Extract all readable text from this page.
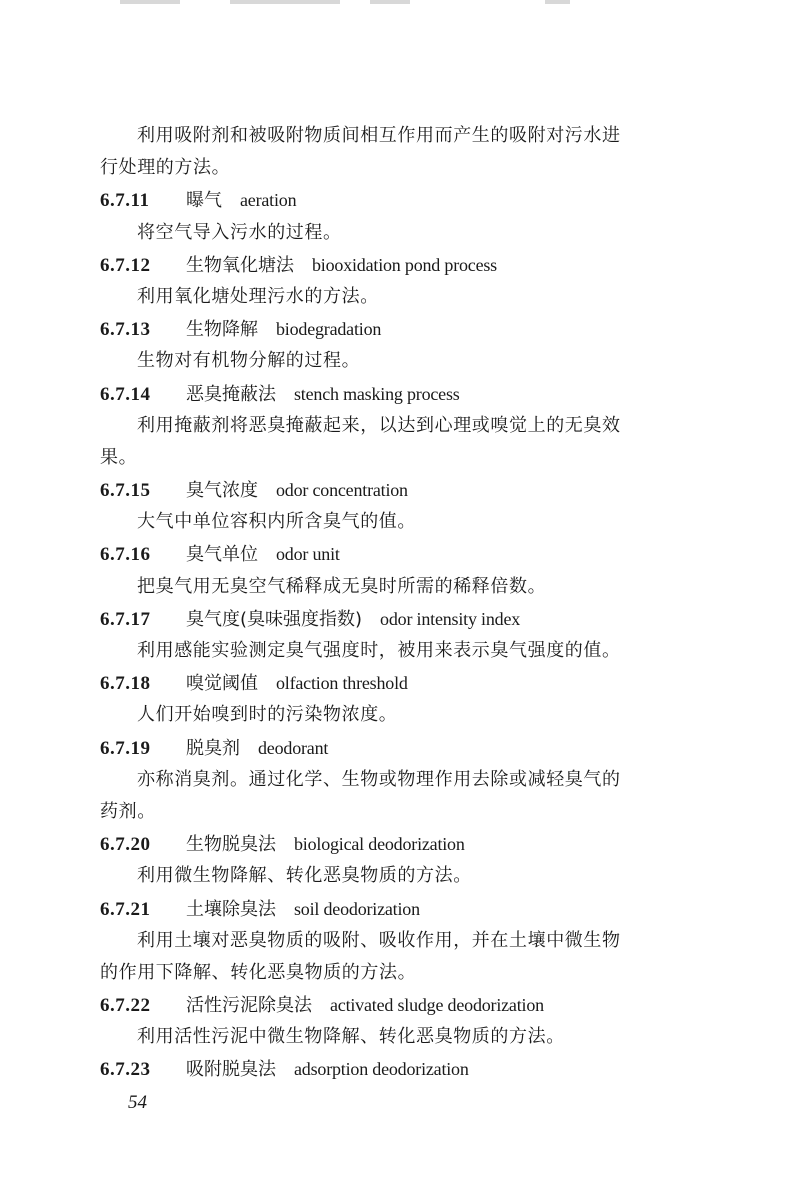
利用吸附剂和被吸附物质间相互作用而产生的吸附对污水进
行处理的方法。
6.7.11 曝气 aeration
将空气导入污水的过程。
6.7.12 生物氧化塘法 biooxidation pond process
利用氧化塘处理污水的方法。
6.7.13 生物降解 biodegradation
生物对有机物分解的过程。
6.7.14 恶臭掩蔽法 stench masking process
利用掩蔽剂将恶臭掩蔽起来，以达到心理或嗅觉上的无臭效
果。
6.7.15 臭气浓度 odor concentration
大气中单位容积内所含臭气的值。
6.7.16 臭气单位 odor unit
把臭气用无臭空气稀释成无臭时所需的稀释倍数。
6.7.17 臭气度(臭味强度指数) odor intensity index
利用感能实验测定臭气强度时，被用来表示臭气强度的值。
6.7.18 嗅觉阈值 olfaction threshold
人们开始嗅到时的污染物浓度。
6.7.19 脱臭剂 deodorant
亦称消臭剂。通过化学、生物或物理作用去除或减轻臭气的
药剂。
6.7.20 生物脱臭法 biological deodorization
利用微生物降解、转化恶臭物质的方法。
6.7.21 土壤除臭法 soil deodorization
利用土壤对恶臭物质的吸附、吸收作用，并在土壤中微生物
的作用下降解、转化恶臭物质的方法。
6.7.22 活性污泥除臭法 activated sludge deodorization
利用活性污泥中微生物降解、转化恶臭物质的方法。
6.7.23 吸附脱臭法 adsorption deodorization
54
